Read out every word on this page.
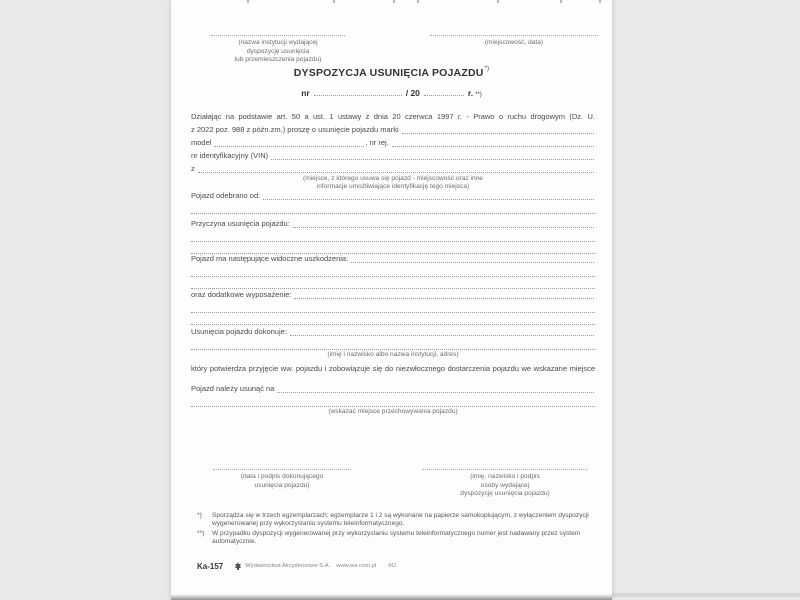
(nazwa instytucji wydającej
dyspozycję usunięcia
lub przemieszczenia pojazdu)
(miejscowość, data)
DYSPOZYCJA USUNIĘCIA POJAZDU*)
nr	/ 20	r. $_{**)}$
Działając na podstawie art. 50 a ust. 1 ustawy z dnia 20 czerwca 1997 r. - Prawo o ruchu drogowym (Dz. U.
z 2022 poz. 988 z późn.zm.) proszę o usunięcie pojazdu marki
model	, nr rej.
nr identyfikacyjny (VIN)
z
(miejsce, z którego usuwa się pojazd - miejscowość oraz inne
informacje umożliwiające identyfikację tego miejsca)
Pojazd odebrano od:
Przyczyna usunięcia pojazdu:
Pojazd ma następujące widoczne uszkodzenia:
oraz dodatkowe wyposażenie:
Usunięcia pojazdu dokonuje:
(imię i nazwisko albo nazwa instytucji, adres)
który potwierdza przyjęcie ww. pojazdu i zobowiązuje się do niezwłocznego dostarczenia pojazdu we wskazane miejsce
Pojazd należy usunąć na
(wskazać miejsce przechowywania pojazdu)
(data i podpis dokonującego
usunięcia pojazdu)
(imię, nazwisko i podpis
osoby wydającej
dyspozycję usunięcia pojazdu)
*)	Sporządza się w trzech egzemplarzach; egzemplarze 1 i 2 są wykonane na papierze samokopiującym, z wyłączeniem dyspozycji wygenerowanej przy wykorzystaniu systemu teleinformatycznego.
**)	W przypadku dyspozycji wygenerowanej przy wykorzystaniu systemu teleinformatycznego numer jest nadawany przez system automatycznie.
Ka-157	Wydawnictwa Akcydensowe S.A. www.wa.com.pl MJ
